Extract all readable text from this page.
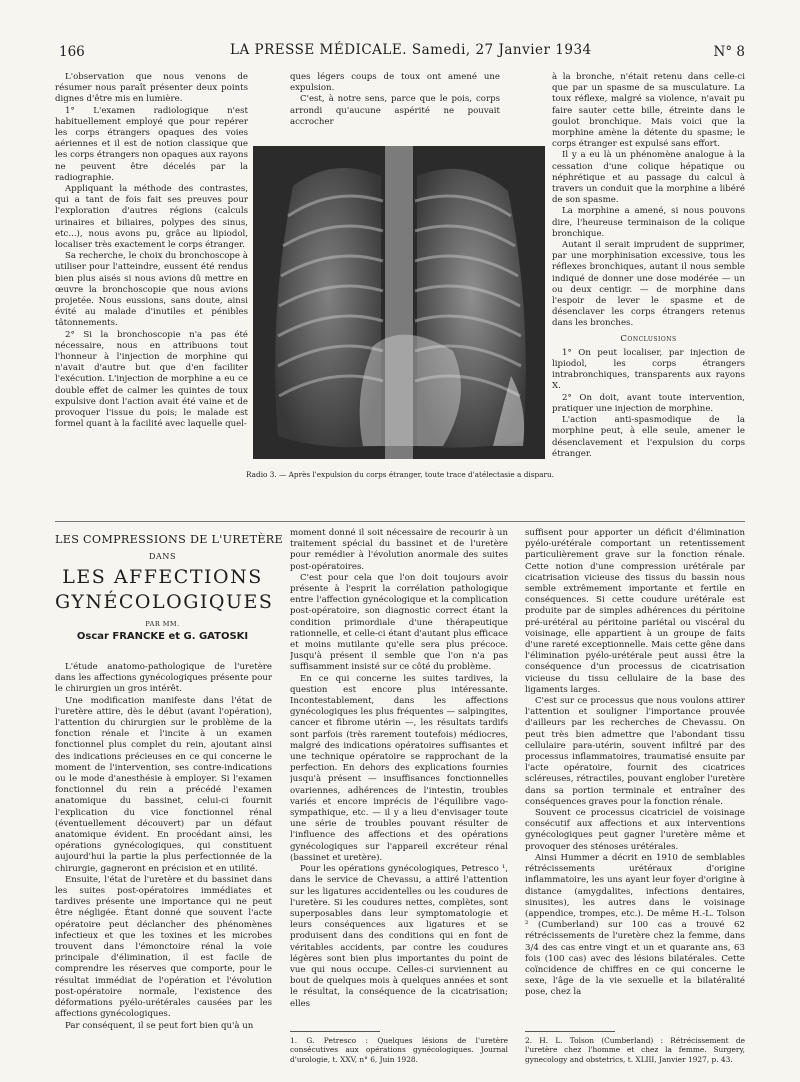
166	LA PRESSE MÉDICALE. Samedi, 27 Janvier 1934	N° 8

L'observation que nous venons de résumer nous paraît présenter deux points dignes d'être mis en lumière.

1° L'examen radiologique n'est habituellement employé que pour repérer les corps étrangers opaques des voies aériennes et il est de notion classique que les corps étrangers non opaques aux rayons ne peuvent être décelés par la radiographie.

Appliquant la méthode des contrastes, qui a tant de fois fait ses preuves pour l'exploration d'autres régions (calculs urinaires et biliaires, polypes des sinus, etc...), nous avons pu, grâce au lipiodol, localiser très exactement le corps étranger.

Sa recherche, le choix du bronchoscope à utiliser pour l'atteindre, eussent été rendus bien plus aisés si nous avions dû mettre en œuvre la bronchoscopie que nous avions projetée. Nous eussions, sans doute, ainsi évité au malade d'inutiles et pénibles tâtonnements.

2° Si la bronchoscopie n'a pas été nécessaire, nous en attribuons tout l'honneur à l'injection de morphine qui n'avait d'autre but que d'en faciliter l'exécution. L'injection de morphine a eu ce double effet de calmer les quintes de toux expulsive dont l'action avait été vaine et de provoquer l'issue du pois; le malade est formel quant à la facilité avec laquelle quel-

ques légers coups de toux ont amené une expulsion.

C'est, à notre sens, parce que le pois, corps arrondi qu'aucune aspérité ne pouvait accrocher

Radio 3. — Après l'expulsion du corps étranger, toute trace d'atélectasie a disparu.

à la bronche, n'était retenu dans celle-ci que par un spasme de sa musculature. La toux réflexe, malgré sa violence, n'avait pu faire sauter cette bille, étreinte dans le goulot bronchique. Mais voici que la morphine amène la détente du spasme; le corps étranger est expulsé sans effort.

Il y a eu là un phénomène analogue à la cessation d'une colique hépatique ou néphrétique et au passage du calcul à travers un conduit que la morphine a libéré de son spasme.

La morphine a amené, si nous pouvons dire, l'heureuse terminaison de la colique bronchique.

Autant il serait imprudent de supprimer, par une morphinisation excessive, tous les réflexes bronchiques, autant il nous semble indiqué de donner une dose modérée — un ou deux centigr. — de morphine dans l'espoir de lever le spasme et de désenclaver les corps étrangers retenus dans les bronches.

Conclusions

1° On peut localiser, par injection de lipiodol, les corps étrangers intrabronchiques, transparents aux rayons X.

2° On doit, avant toute intervention, pratiquer une injection de morphine.

L'action anti-spasmodique de la morphine peut, à elle seule, amener le désenclavement et l'expulsion du corps étranger.

LES COMPRESSIONS DE L'URETÈRE
DANS
LES AFFECTIONS
GYNÉCOLOGIQUES
PAR MM.
Oscar FRANCKE et G. GATOSKI

L'étude anatomo-pathologique de l'uretère dans les affections gynécologiques présente pour le chirurgien un gros intérêt.

Une modification manifeste dans l'état de l'uretère attire, dès le début (avant l'opération), l'attention du chirurgien sur le problème de la fonction rénale et l'incite à un examen fonctionnel plus complet du rein, ajoutant ainsi des indications précieuses en ce qui concerne le moment de l'intervention, ses contre-indications ou le mode d'anesthésie à employer. Si l'examen fonctionnel du rein a précédé l'examen anatomique du bassinet, celui-ci fournit l'explication du vice fonctionnel rénal (éventuellement découvert) par un défaut anatomique évident. En procédant ainsi, les opérations gynécologiques, qui constituent aujourd'hui la partie la plus perfectionnée de la chirurgie, gagneront en précision et en utilité.

Ensuite, l'état de l'uretère et du bassinet dans les suites post-opératoires immédiates et tardives présente une importance qui ne peut être négligée. Étant donné que souvent l'acte opératoire peut déclancher des phénomènes infectieux et que les toxines et les microbes trouvent dans l'émonctoire rénal la voie principale d'élimination, il est facile de comprendre les réserves que comporte, pour le résultat immédiat de l'opération et l'évolution post-opératoire normale, l'existence des déformations pyélo-urétérales causées par les affections gynécologiques.

Par conséquent, il se peut fort bien qu'à un

moment donné il soit nécessaire de recourir à un traitement spécial du bassinet et de l'uretère pour remédier à l'évolution anormale des suites post-opératoires.

C'est pour cela que l'on doit toujours avoir présente à l'esprit la corrélation pathologique entre l'affection gynécologique et la complication post-opératoire, son diagnostic correct étant la condition primordiale d'une thérapeutique rationnelle, et celle-ci étant d'autant plus efficace et moins mutilante qu'elle sera plus précoce. Jusqu'à présent il semble que l'on n'a pas suffisamment insisté sur ce côté du problème.

En ce qui concerne les suites tardives, la question est encore plus intéressante. Incontestablement, dans les affections gynécologiques les plus fréquentes — salpingites, cancer et fibrome utérin —, les résultats tardifs sont parfois (très rarement toutefois) médiocres, malgré des indications opératoires suffisantes et une technique opératoire se rapprochant de la perfection. En dehors des explications fournies jusqu'à présent — insuffisances fonctionnelles ovariennes, adhérences de l'intestin, troubles variés et encore imprécis de l'équilibre vago-sympathique, etc. — il y a lieu d'envisager toute une série de troubles pouvant résulter de l'influence des affections et des opérations gynécologiques sur l'appareil excréteur rénal (bassinet et uretère).

Pour les opérations gynécologiques, Petresco ¹, dans le service de Chevassu, a attiré l'attention sur les ligatures accidentelles ou les coudures de l'uretère. Si les coudures nettes, complètes, sont superposables dans leur symptomatologie et leurs conséquences aux ligatures et se produisent dans des conditions qui en font de véritables accidents, par contre les coudures légères sont bien plus importantes du point de vue qui nous occupe. Celles-ci surviennent au bout de quelques mois à quelques années et sont le résultat, la conséquence de la cicatrisation; elles

1. G. Petresco : Quelques lésions de l'uretère consécutives aux opérations gynécologiques. Journal d'urologie, t. XXV, n° 6, Juin 1928.

suffisent pour apporter un déficit d'élimination pyélo-urétérale comportant un retentissement particulièrement grave sur la fonction rénale. Cette notion d'une compression urétérale par cicatrisation vicieuse des tissus du bassin nous semble extrêmement importante et fertile en conséquences. Si cette coudure urétérale est produite par de simples adhérences du péritoine pré-urétéral au péritoine pariétal ou viscéral du voisinage, elle appartient à un groupe de faits d'une rareté exceptionnelle. Mais cette gêne dans l'élimination pyélo-urétérale peut aussi être la conséquence d'un processus de cicatrisation vicieuse du tissu cellulaire de la base des ligaments larges.

C'est sur ce processus que nous voulons attirer l'attention et souligner l'importance prouvée d'ailleurs par les recherches de Chevassu. On peut très bien admettre que l'abondant tissu cellulaire para-utérin, souvent infiltré par des processus inflammatoires, traumatisé ensuite par l'acte opératoire, fournit des cicatrices scléreuses, rétractiles, pouvant englober l'uretère dans sa portion terminale et entraîner des conséquences graves pour la fonction rénale.

Souvent ce processus cicatriciel de voisinage consécutif aux affections et aux interventions gynécologiques peut gagner l'uretère même et provoquer des sténoses urétérales.

Ainsi Hummer a décrit en 1910 de semblables rétrécissements urétéraux d'origine inflammatoire, les uns ayant leur foyer d'origine à distance (amygdalites, infections dentaires, sinusites), les autres dans le voisinage (appendice, trompes, etc.). De même H.-L. Tolson ² (Cumberland) sur 100 cas a trouvé 62 rétrécissements de l'uretère chez la femme, dans 3/4 des cas entre vingt et un et quarante ans, 63 fois (100 cas) avec des lésions bilatérales. Cette coïncidence de chiffres en ce qui concerne le sexe, l'âge de la vie sexuelle et la bilatéralité pose, chez la

2. H. L. Tolson (Cumberland) : Rétrécissement de l'uretère chez l'homme et chez la femme. Surgery, gynecology and obstetrics, t. XLIII, Janvier 1927, p. 43.
